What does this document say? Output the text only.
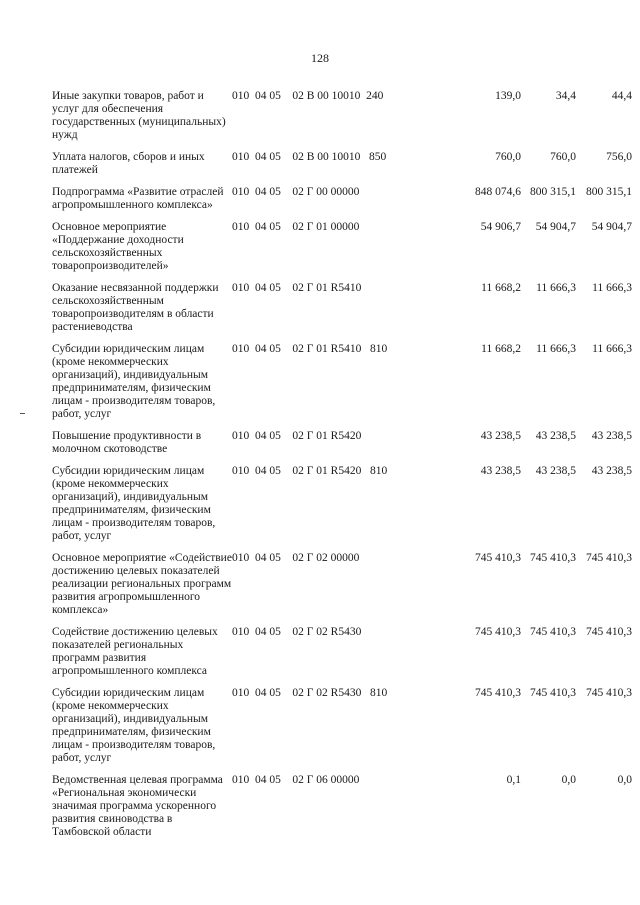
128
Иные закупки товаров, работ и услуг для обеспечения государственных (муниципальных) нужд	010  04 05    02 В 00 10010  240	139,0	34,4	44,4
Уплата налогов, сборов и иных платежей	010  04 05    02 В 00 10010   850	760,0	760,0	756,0
Подпрограмма «Развитие отраслей агропромышленного комплекса»	010  04 05    02 Г 00 00000	848 074,6	800 315,1	800 315,1
Основное мероприятие «Поддержание доходности сельскохозяйственных товаропроизводителей»	010  04 05    02 Г 01 00000	54 906,7	54 904,7	54 904,7
Оказание несвязанной поддержки сельскохозяйственным товаропроизводителям в области растениеводства	010  04 05    02 Г 01 R5410	11 668,2	11 666,3	11 666,3
Субсидии юридическим лицам (кроме некоммерческих организаций), индивидуальным предпринимателям, физическим лицам - производителям товаров, работ, услуг	010  04 05    02 Г 01 R5410   810	11 668,2	11 666,3	11 666,3
Повышение продуктивности в молочном скотоводстве	010  04 05    02 Г 01 R5420	43 238,5	43 238,5	43 238,5
Субсидии юридическим лицам (кроме некоммерческих организаций), индивидуальным предпринимателям, физическим лицам - производителям товаров, работ, услуг	010  04 05    02 Г 01 R5420   810	43 238,5	43 238,5	43 238,5
Основное мероприятие «Содействие достижению целевых показателей реализации региональных программ развития агропромышленного комплекса»	010  04 05    02 Г 02 00000	745 410,3	745 410,3	745 410,3
Содействие достижению целевых показателей региональных программ развития агропромышленного комплекса	010  04 05    02 Г 02 R5430	745 410,3	745 410,3	745 410,3
Субсидии юридическим лицам (кроме некоммерческих организаций), индивидуальным предпринимателям, физическим лицам - производителям товаров, работ, услуг	010  04 05    02 Г 02 R5430   810	745 410,3	745 410,3	745 410,3
Ведомственная целевая программа «Региональная экономически значимая программа ускоренного развития свиноводства в Тамбовской области	010  04 05    02 Г 06 00000	0,1	0,0	0,0
